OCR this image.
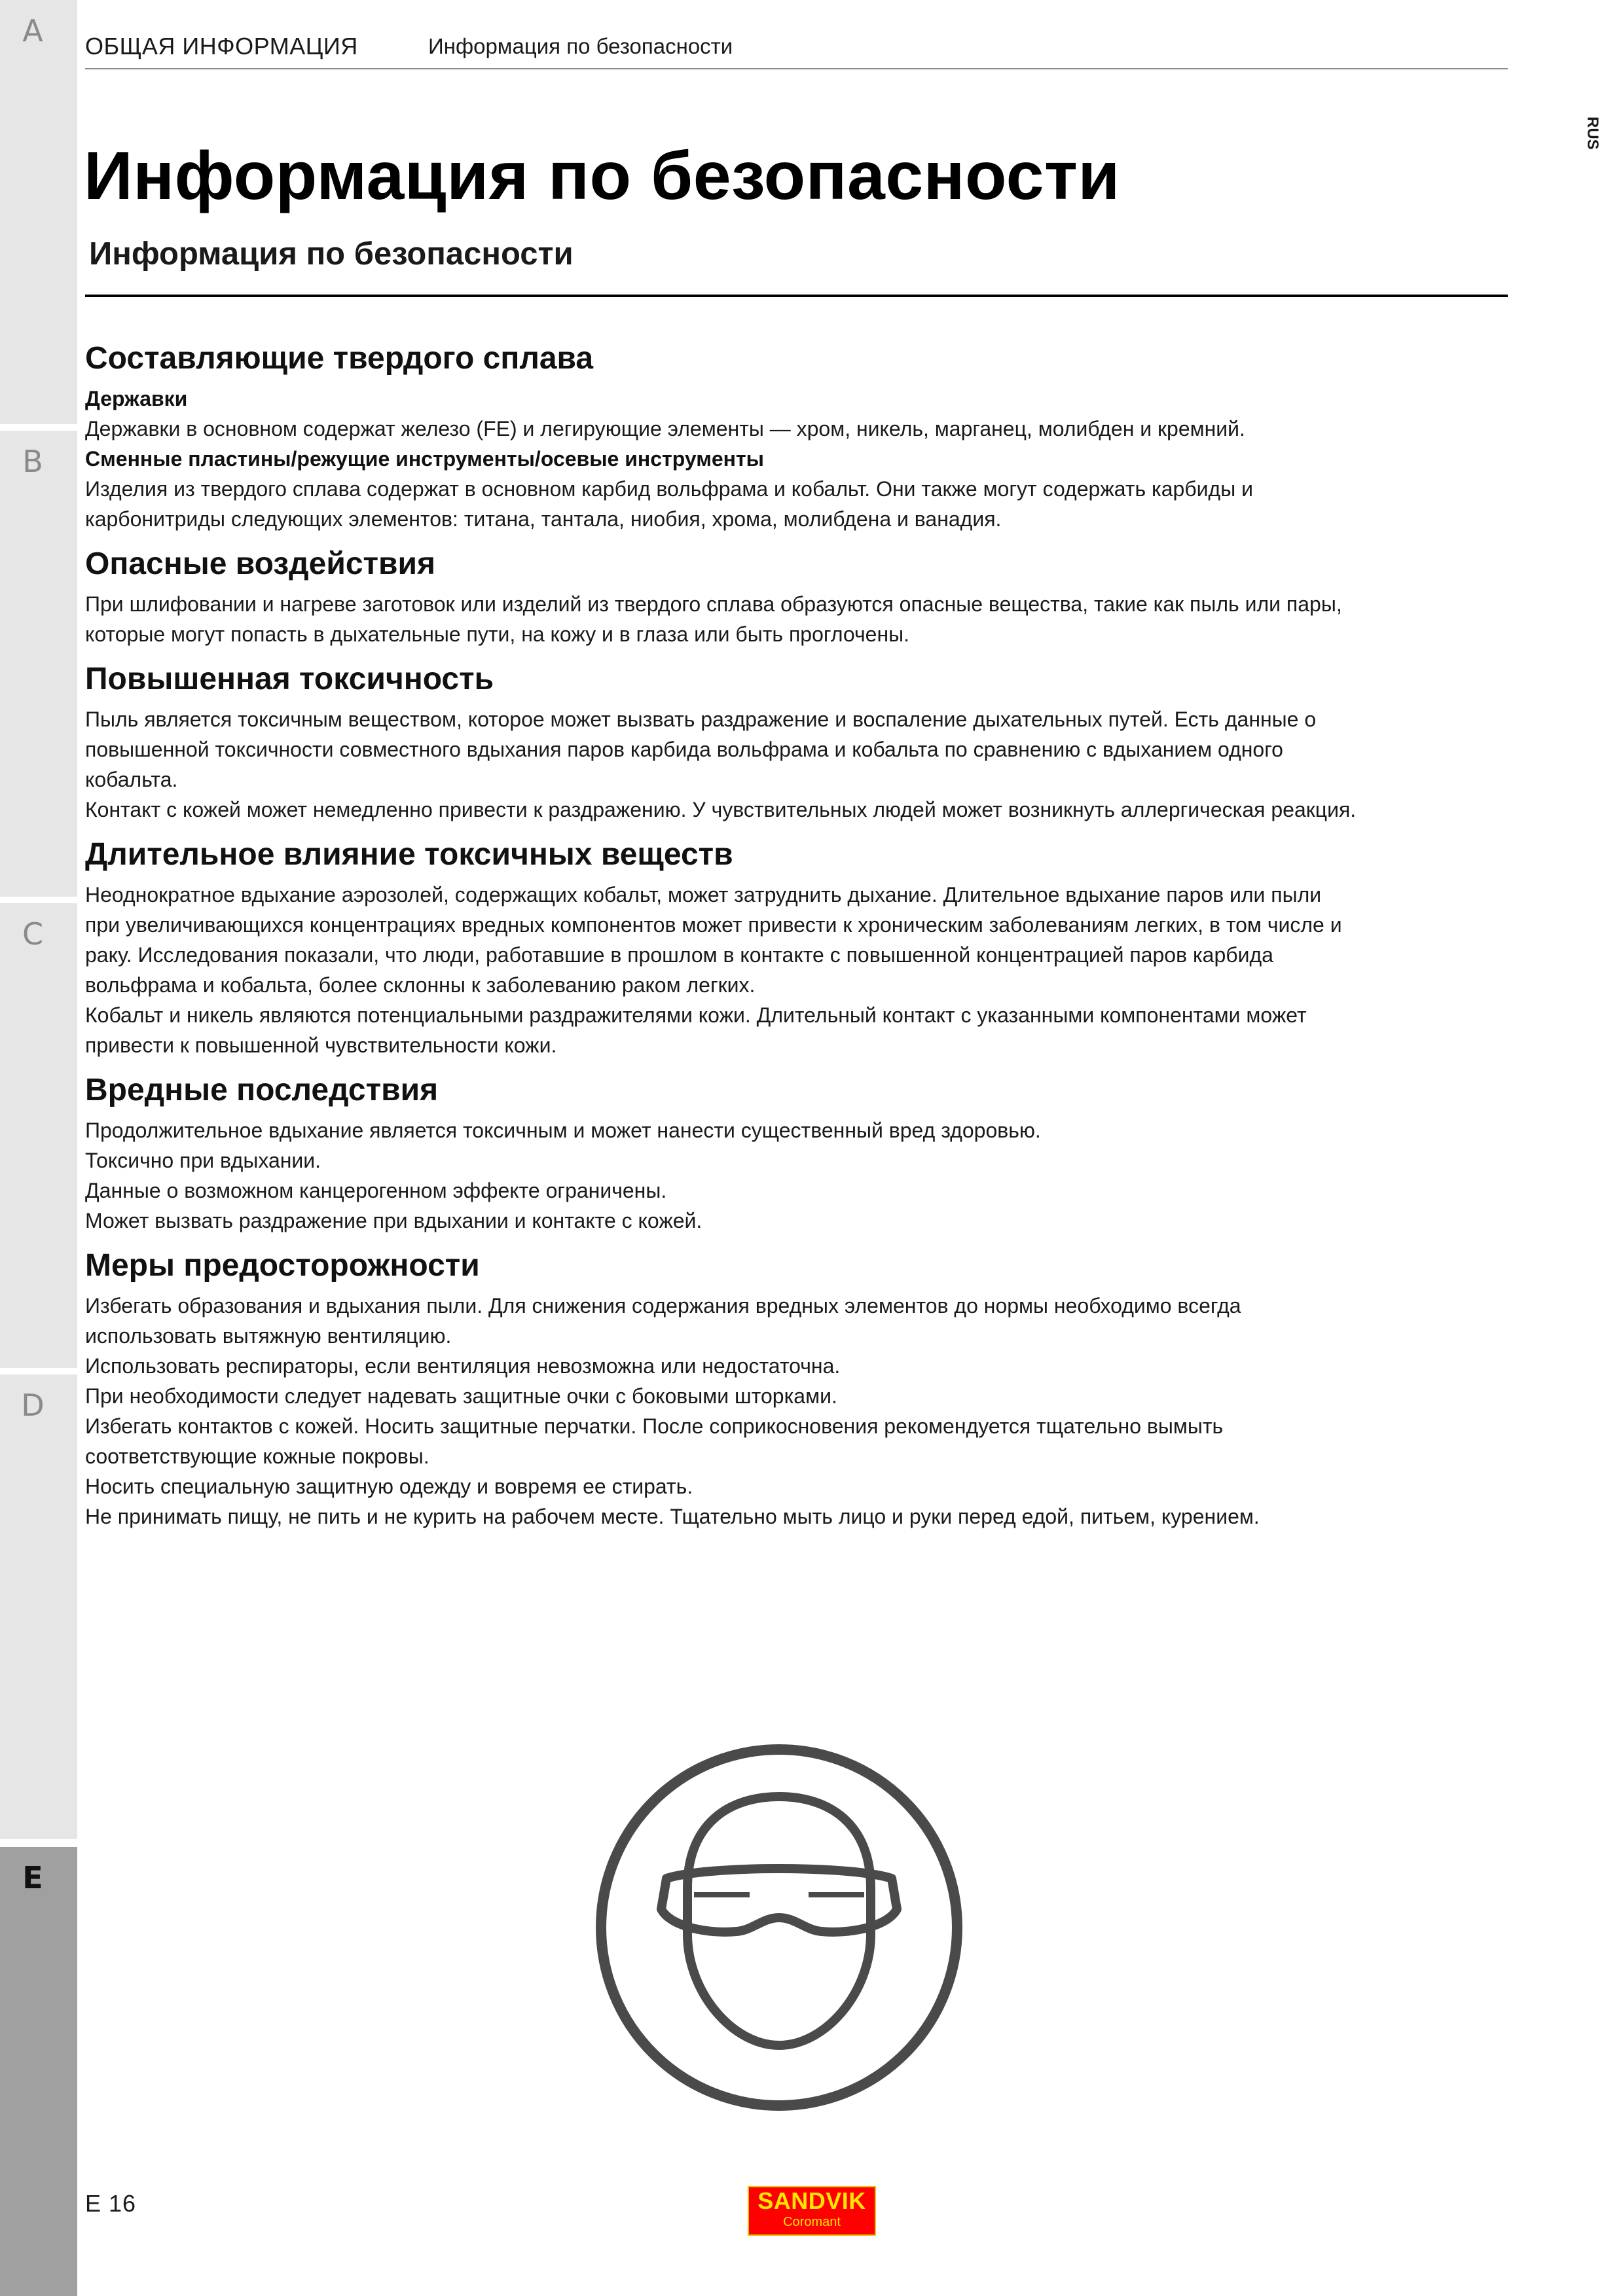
A
B
C
D
E
ОБЩАЯ ИНФОРМАЦИЯ	Информация по безопасности
RUS
Информация по безопасности
Информация по безопасности
Составляющие твердого сплава
Державки

Державки в основном содержат железо (FE) и легирующие элементы — хром, никель, марганец, молибден и кремний.

Сменные пластины/режущие инструменты/осевые инструменты

Изделия из твердого сплава содержат в основном карбид вольфрама и кобальт. Они также могут содержать карбиды и карбонитриды следующих элементов: титана, тантала, ниобия, хрома, молибдена и ванадия.

Опасные воздействия

При шлифовании и нагреве заготовок или изделий из твердого сплава образуются опасные вещества, такие как пыль или пары, которые могут попасть в дыхательные пути, на кожу и в глаза или быть проглочены.

Повышенная токсичность

Пыль является токсичным веществом, которое может вызвать раздражение и воспаление дыхательных путей. Есть данные о повышенной токсичности совместного вдыхания паров карбида вольфрама и кобальта по сравнению с вдыханием одного кобальта.

Контакт с кожей может немедленно привести к раздражению. У чувствительных людей может возникнуть аллергическая реакция.

Длительное влияние токсичных веществ

Неоднократное вдыхание аэрозолей, содержащих кобальт, может затруднить дыхание. Длительное вдыхание паров или пыли при увеличивающихся концентрациях вредных компонентов может привести к хроническим заболеваниям легких, в том числе и раку. Исследования показали, что люди, работавшие в прошлом в контакте с повышенной концентрацией паров карбида вольфрама и кобальта, более склонны к заболеванию раком легких.

Кобальт и никель являются потенциальными раздражителями кожи. Длительный контакт с указанными компонентами может привести к повышенной чувствительности кожи.

Вредные последствия

Продолжительное вдыхание является токсичным и может нанести существенный вред здоровью.

Токсично при вдыхании.

Данные о возможном канцерогенном эффекте ограничены.

Может вызвать раздражение при вдыхании и контакте с кожей.

Меры предосторожности

Избегать образования и вдыхания пыли. Для снижения содержания вредных элементов до нормы необходимо всегда использовать вытяжную вентиляцию.

Использовать респираторы, если вентиляция невозможна или недостаточна.

При необходимости следует надевать защитные очки с боковыми шторками.

Избегать контактов с кожей. Носить защитные перчатки. После соприкосновения рекомендуется тщательно вымыть соответствующие кожные покровы.

Носить специальную защитную одежду и вовремя ее стирать.

Не принимать пищу, не пить и не курить на рабочем месте. Тщательно мыть лицо и руки перед едой, питьем, курением.

E 16	SANDVIK
Coromant
